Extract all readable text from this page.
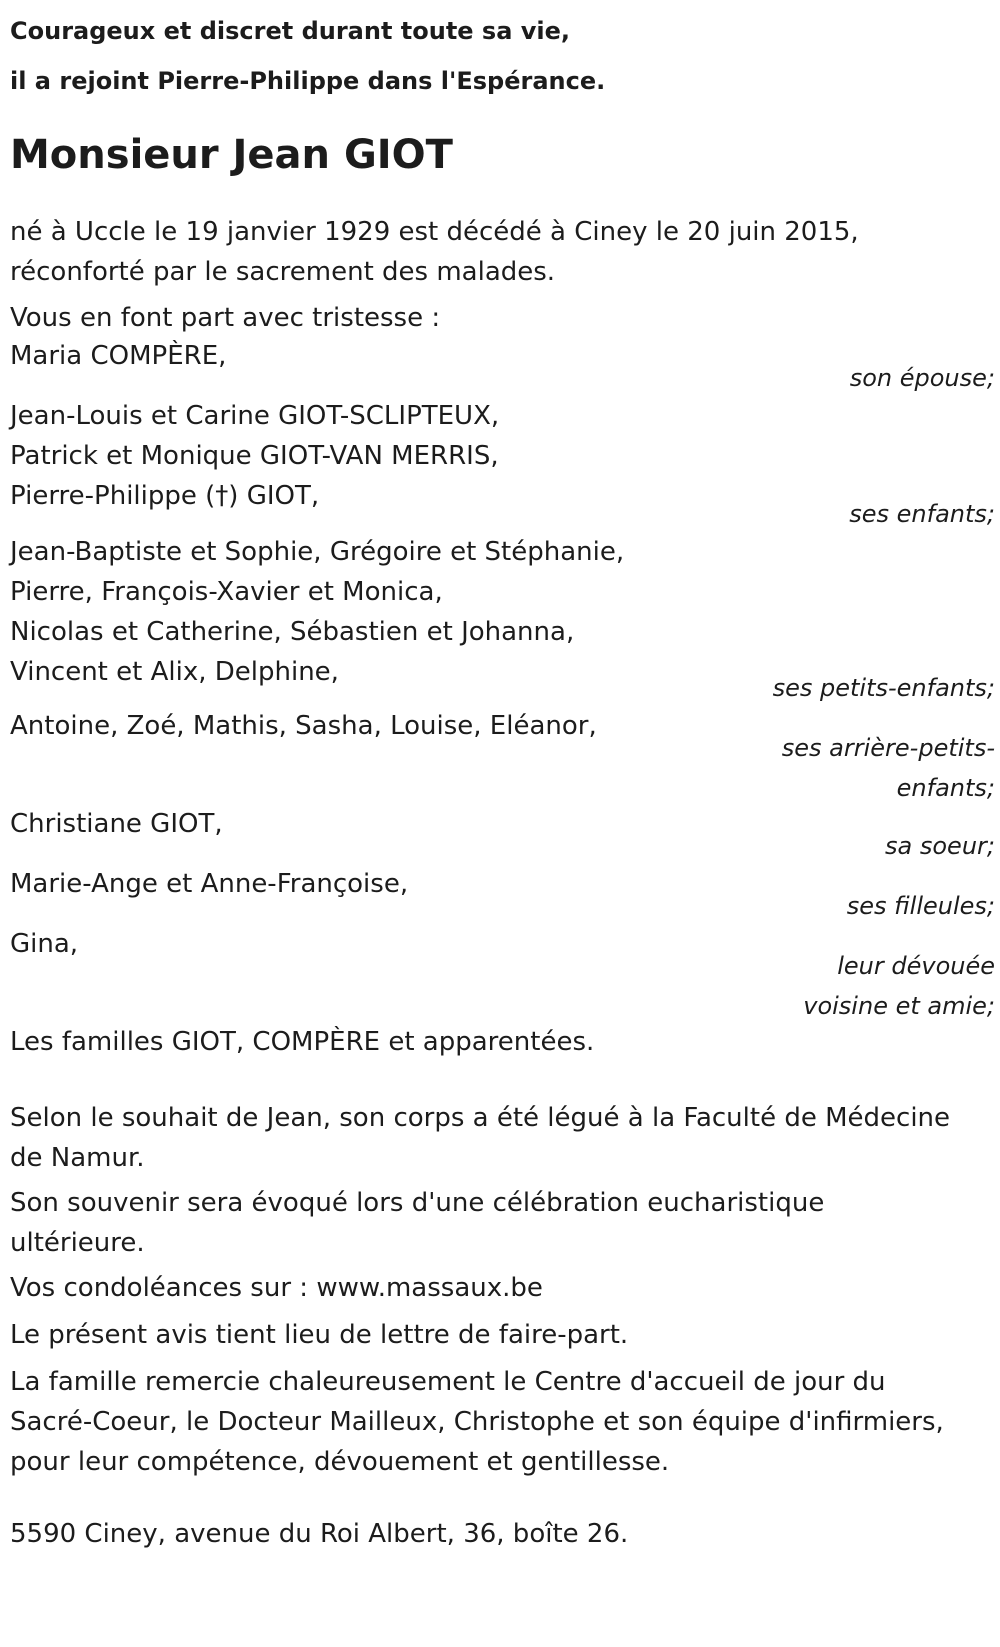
Courageux et discret durant toute sa vie,
il a rejoint Pierre-Philippe dans l'Espérance.
Monsieur Jean GIOT
né à Uccle le 19 janvier 1929 est décédé à Ciney le 20 juin 2015,
réconforté par le sacrement des malades.
Vous en font part avec tristesse :
Maria COMPÈRE,
son épouse;
Jean-Louis et Carine GIOT-SCLIPTEUX,
Patrick et Monique GIOT-VAN MERRIS,
Pierre-Philippe (†) GIOT,
ses enfants;
Jean-Baptiste et Sophie, Grégoire et Stéphanie,
Pierre, François-Xavier et Monica,
Nicolas et Catherine, Sébastien et Johanna,
Vincent et Alix, Delphine,
ses petits-enfants;
Antoine, Zoé, Mathis, Sasha, Louise, Eléanor,
ses arrière-petits-
enfants;
Christiane GIOT,
sa soeur;
Marie-Ange et Anne-Françoise,
ses filleules;
Gina,
leur dévouée
voisine et amie;
Les familles GIOT, COMPÈRE et apparentées.
Selon le souhait de Jean, son corps a été légué à la Faculté de Médecine
de Namur.
Son souvenir sera évoqué lors d'une célébration eucharistique
ultérieure.
Vos condoléances sur : www.massaux.be
Le présent avis tient lieu de lettre de faire-part.
La famille remercie chaleureusement le Centre d'accueil de jour du
Sacré-Coeur, le Docteur Mailleux, Christophe et son équipe d'infirmiers,
pour leur compétence, dévouement et gentillesse.
5590 Ciney, avenue du Roi Albert, 36, boîte 26.
